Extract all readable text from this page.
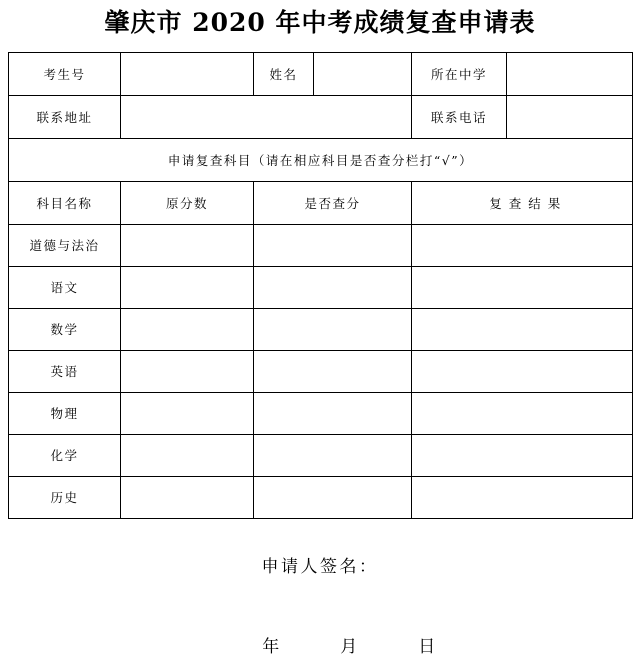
肇庆市 2020 年中考成绩复查申请表
考生号		姓名		所在中学	
联系地址				联系电话	
申请复查科目（请在相应科目是否查分栏打“√”）					
科目名称	原分数	是否查分		复 查 结 果	
道德与法治					
语文					
数学					
英语					
物理					
化学					
历史					
申请人签名：
年　　　月　　　日
